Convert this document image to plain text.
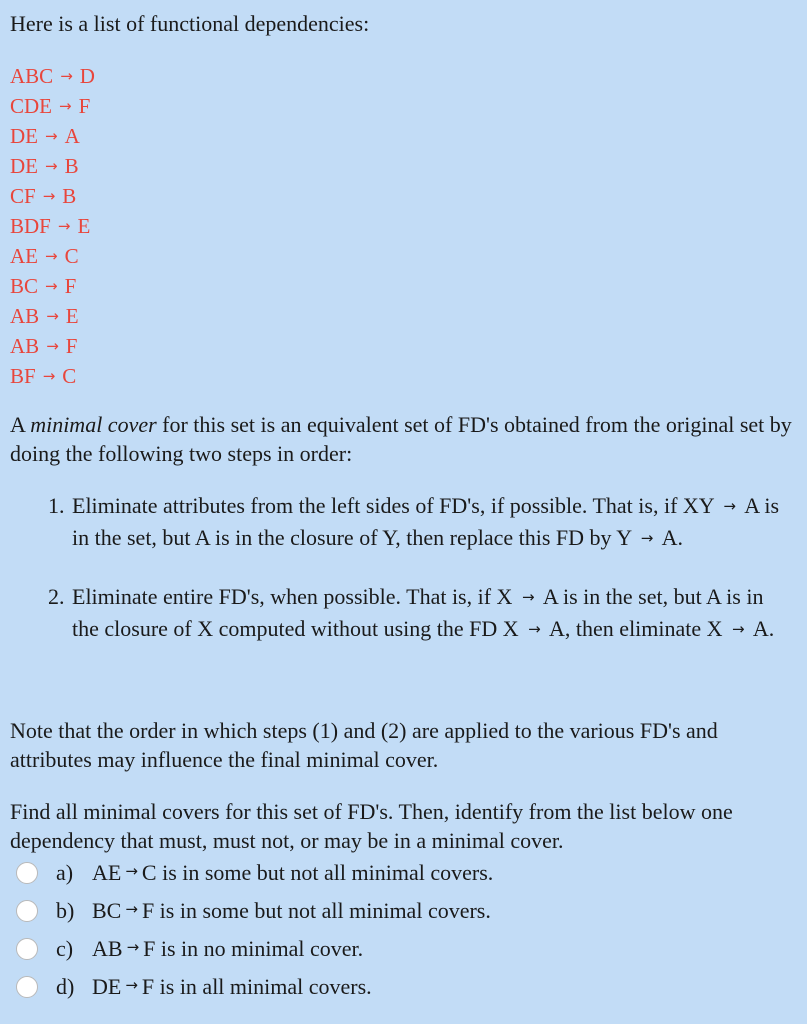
Here is a list of functional dependencies:
ABC → D
CDE → F
DE → A
DE → B
CF → B
BDF → E
AE → C
BC → F
AB → E
AB → F
BF → C
A minimal cover for this set is an equivalent set of FD's obtained from the original set by doing the following two steps in order:
1. Eliminate attributes from the left sides of FD's, if possible. That is, if XY → A is in the set, but A is in the closure of Y, then replace this FD by Y → A.
2. Eliminate entire FD's, when possible. That is, if X → A is in the set, but A is in the closure of X computed without using the FD X → A, then eliminate X → A.
Note that the order in which steps (1) and (2) are applied to the various FD's and attributes may influence the final minimal cover.
Find all minimal covers for this set of FD's. Then, identify from the list below one dependency that must, must not, or may be in a minimal cover.
a) AE → C is in some but not all minimal covers.
b) BC → F is in some but not all minimal covers.
c) AB → F is in no minimal cover.
d) DE → F is in all minimal covers.
